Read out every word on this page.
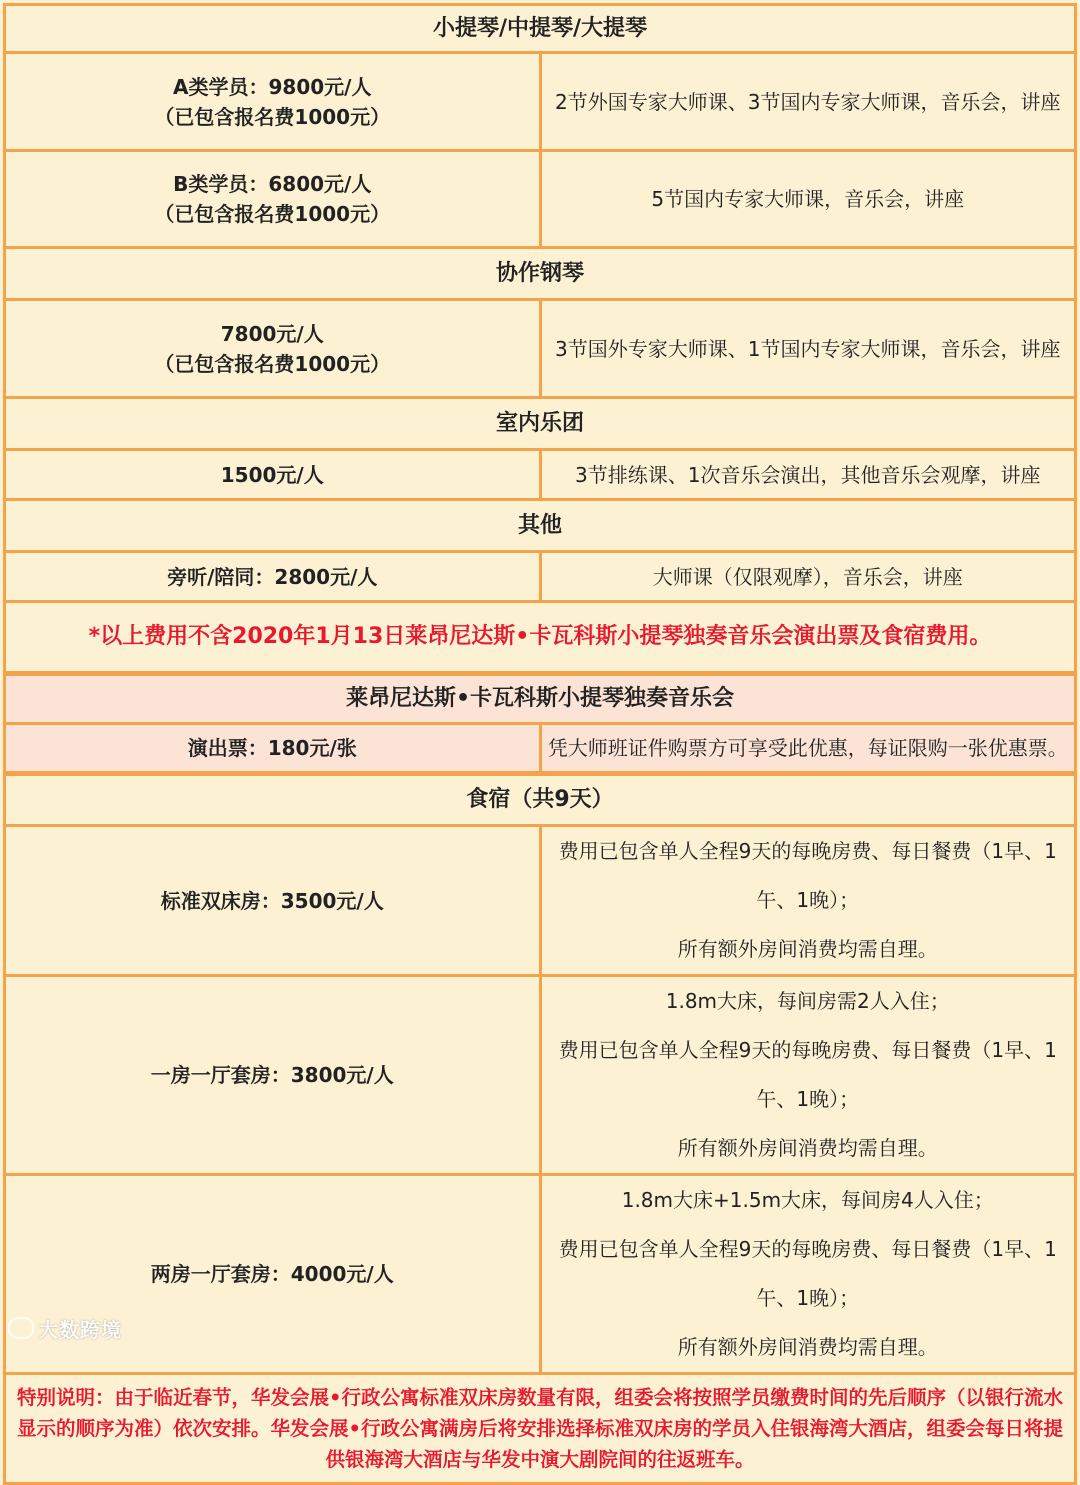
小提琴/中提琴/大提琴	

A类学员：9800元/人
（已包含报名费1000元）	2节外国专家大师课、3节国内专家大师课，音乐会，讲座

B类学员：6800元/人
（已包含报名费1000元）	5节国内专家大师课，音乐会，讲座
协作钢琴	

7800元/人
（已包含报名费1000元）	3节国外专家大师课、1节国内专家大师课，音乐会，讲座
室内乐团	
1500元/人	3节排练课、1次音乐会演出，其他音乐会观摩，讲座
其他	
旁听/陪同：2800元/人	大师课（仅限观摩），音乐会，讲座
*以上费用不含2020年1月13日莱昂尼达斯•卡瓦科斯小提琴独奏音乐会演出票及食宿费用。	
莱昂尼达斯•卡瓦科斯小提琴独奏音乐会	
演出票：180元/张	凭大师班证件购票方可享受此优惠，每证限购一张优惠票。
食宿（共9天）	
标准双床房：3500元/人	费用已包含单人全程9天的每晚房费、每日餐费（1早、1午、1晚）；
所有额外房间消费均需自理。

一房一厅套房：3800元/人	1.8m大床，每间房需2人入住；
费用已包含单人全程9天的每晚房费、每日餐费（1早、1午、1晚）；
所有额外房间消费均需自理。

两房一厅套房：4000元/人	1.8m大床+1.5m大床，每间房4人入住；
费用已包含单人全程9天的每晚房费、每日餐费（1早、1午、1晚）；
所有额外房间消费均需自理。

特别说明：由于临近春节，华发会展•行政公寓标准双床房数量有限，组委会将按照学员缴费时间的先后顺序（以银行流水显示的顺序为准）依次安排。华发会展•行政公寓满房后将安排选择标准双床房的学员入住银海湾大酒店，组委会每日将提供银海湾大酒店与华发中演大剧院间的往返班车。	
大数跨境
